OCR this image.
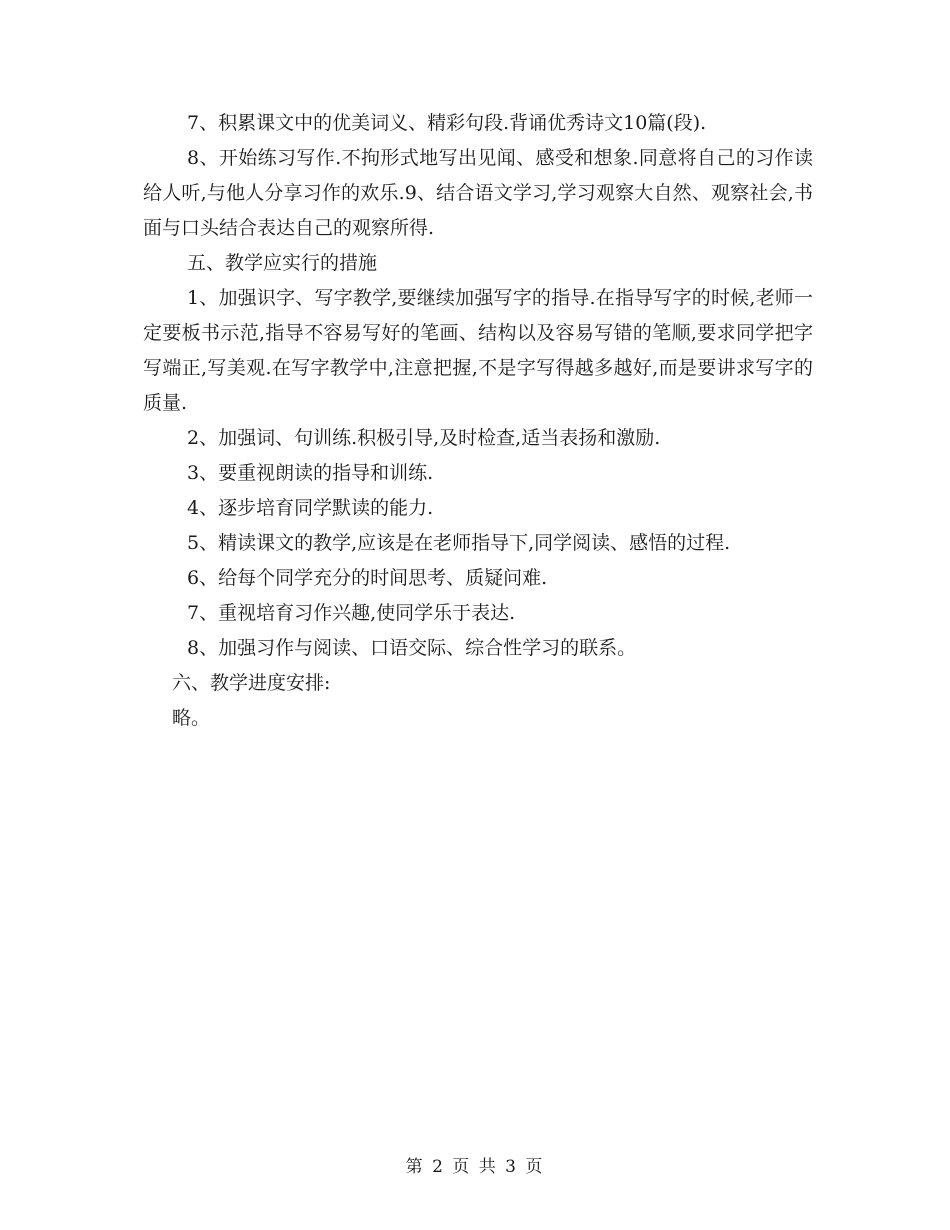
7、积累课文中的优美词义、精彩句段.背诵优秀诗文10篇(段).

8、开始练习写作.不拘形式地写出见闻、感受和想象.同意将自己的习作读给人听,与他人分享习作的欢乐.9、结合语文学习,学习观察大自然、观察社会,书面与口头结合表达自己的观察所得.

五、教学应实行的措施

1、加强识字、写字教学,要继续加强写字的指导.在指导写字的时候,老师一定要板书示范,指导不容易写好的笔画、结构以及容易写错的笔顺,要求同学把字写端正,写美观.在写字教学中,注意把握,不是字写得越多越好,而是要讲求写字的质量.

2、加强词、句训练.积极引导,及时检查,适当表扬和激励.

3、要重视朗读的指导和训练.

4、逐步培育同学默读的能力.

5、精读课文的教学,应该是在老师指导下,同学阅读、感悟的过程.

6、给每个同学充分的时间思考、质疑问难.

7、重视培育习作兴趣,使同学乐于表达.

8、加强习作与阅读、口语交际、综合性学习的联系。

六、教学进度安排:

略。

第 2 页 共 3 页
